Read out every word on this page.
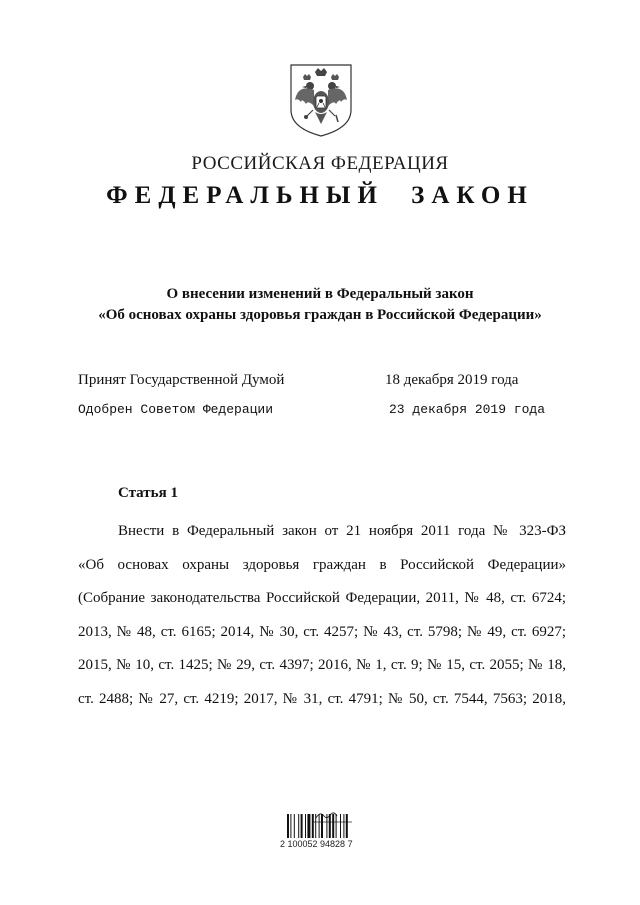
РОССИЙСКАЯ ФЕДЕРАЦИЯ
ФЕДЕРАЛЬНЫЙ ЗАКОН
О внесении изменений в Федеральный закон
«Об основах охраны здоровья граждан в Российской Федерации»
Принят Государственной Думой	18 декабря 2019 года
Одобрен Советом Федерации	23 декабря 2019 года
Статья 1
Внести в Федеральный закон от 21 ноября 2011 года № 323-ФЗ
«Об основах охраны здоровья граждан в Российской Федерации»
(Собрание законодательства Российской Федерации, 2011, № 48, ст. 6724;
2013, № 48, ст. 6165; 2014, № 30, ст. 4257; № 43, ст. 5798; № 49, ст. 6927;
2015, № 10, ст. 1425; № 29, ст. 4397; 2016, № 1, ст. 9; № 15, ст. 2055; № 18,
ст. 2488; № 27, ст. 4219; 2017, № 31, ст. 4791; № 50, ст. 7544, 7563; 2018,
2 100052 94828 7
